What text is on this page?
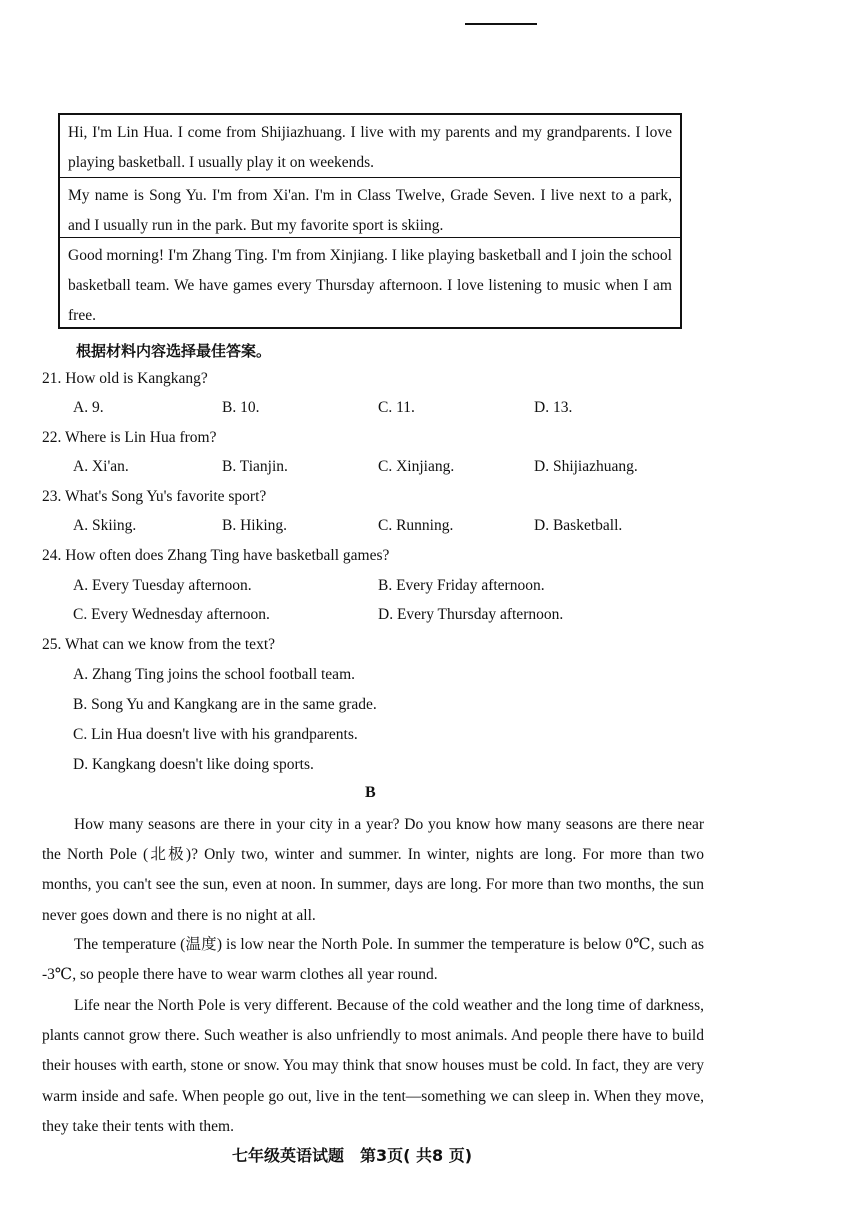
Hi, I'm Lin Hua. I come from Shijiazhuang. I live with my parents and my grandparents. I love playing basketball. I usually play it on weekends.

My name is Song Yu. I'm from Xi'an. I'm in Class Twelve, Grade Seven. I live next to a park, and I usually run in the park. But my favorite sport is skiing.

Good morning! I'm Zhang Ting. I'm from Xinjiang. I like playing basketball and I join the school basketball team. We have games every Thursday afternoon. I love listening to music when I am free.

根据材料内容选择最佳答案。
21. How old is Kangkang?
A. 9.	B. 10.	C. 11.	D. 13.
22. Where is Lin Hua from?
A. Xi'an.	B. Tianjin.	C. Xinjiang.	D. Shijiazhuang.
23. What's Song Yu's favorite sport?
A. Skiing.	B. Hiking.	C. Running.	D. Basketball.
24. How often does Zhang Ting have basketball games?
A. Every Tuesday afternoon.	B. Every Friday afternoon.
C. Every Wednesday afternoon.	D. Every Thursday afternoon.
25. What can we know from the text?
A. Zhang Ting joins the school football team.
B. Song Yu and Kangkang are in the same grade.
C. Lin Hua doesn't live with his grandparents.
D. Kangkang doesn't like doing sports.
B

How many seasons are there in your city in a year? Do you know how many seasons are there near the North Pole (北极)? Only two, winter and summer. In winter, nights are long. For more than two months, you can't see the sun, even at noon. In summer, days are long. For more than two months, the sun never goes down and there is no night at all.

The temperature (温度) is low near the North Pole. In summer the temperature is below 0℃, such as -3℃, so people there have to wear warm clothes all year round.

Life near the North Pole is very different. Because of the cold weather and the long time of darkness, plants cannot grow there. Such weather is also unfriendly to most animals. And people there have to build their houses with earth, stone or snow. You may think that snow houses must be cold. In fact, they are very warm inside and safe. When people go out, live in the tent—something we can sleep in. When they move, they take their tents with them.

七年级英语试题　第3页( 共8 页)
